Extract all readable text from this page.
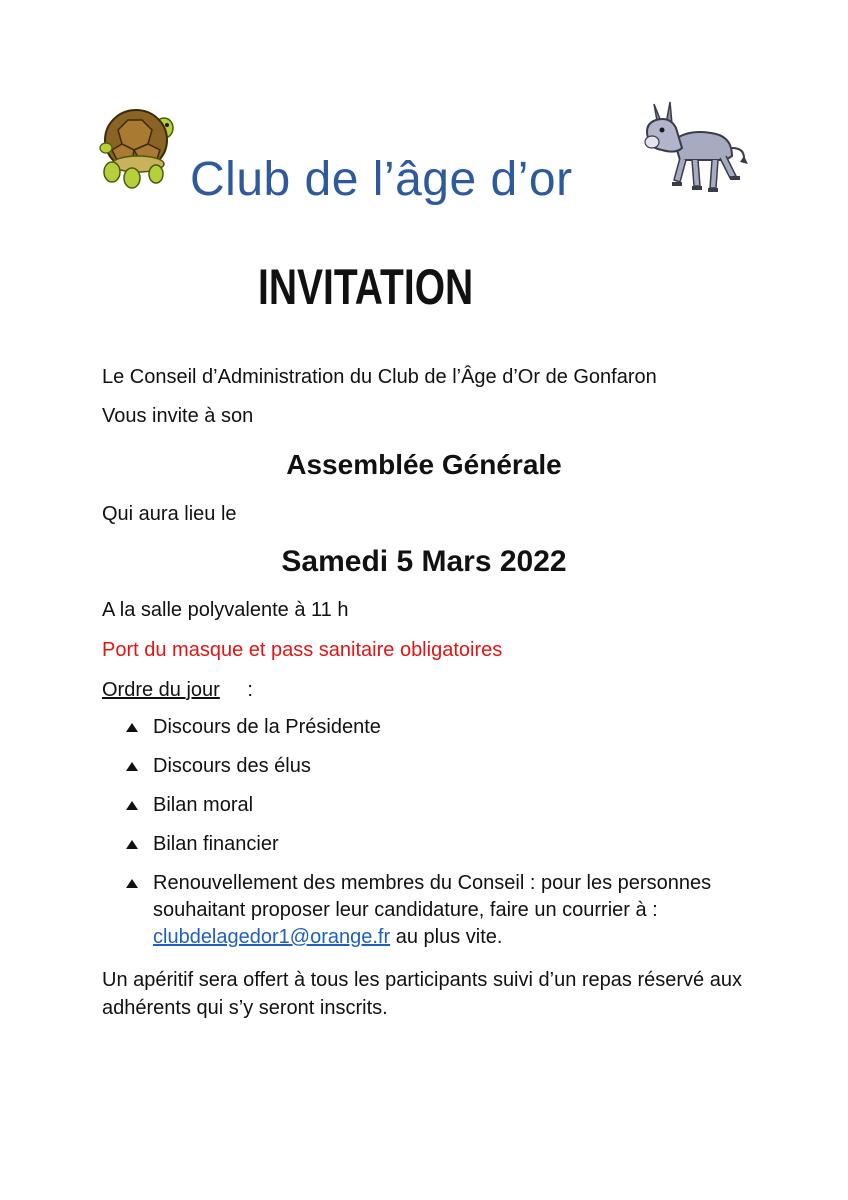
Club de l’âge d’or
INVITATION
Le Conseil d’Administration du Club de l’Âge d’Or de Gonfaron
Vous invite à son
Assemblée Générale
Qui aura lieu le
Samedi 5 Mars 2022
A la salle polyvalente à 11 h
Port du masque et pass sanitaire obligatoires
Ordre du jour :
Discours de la Présidente
Discours des élus
Bilan moral
Bilan financier
Renouvellement des membres du Conseil : pour les personnes souhaitant proposer leur candidature, faire un courrier à : clubdelagedor1@orange.fr au plus vite.
Un apéritif sera offert à tous les participants suivi d’un repas réservé aux adhérents qui s’y seront inscrits.
